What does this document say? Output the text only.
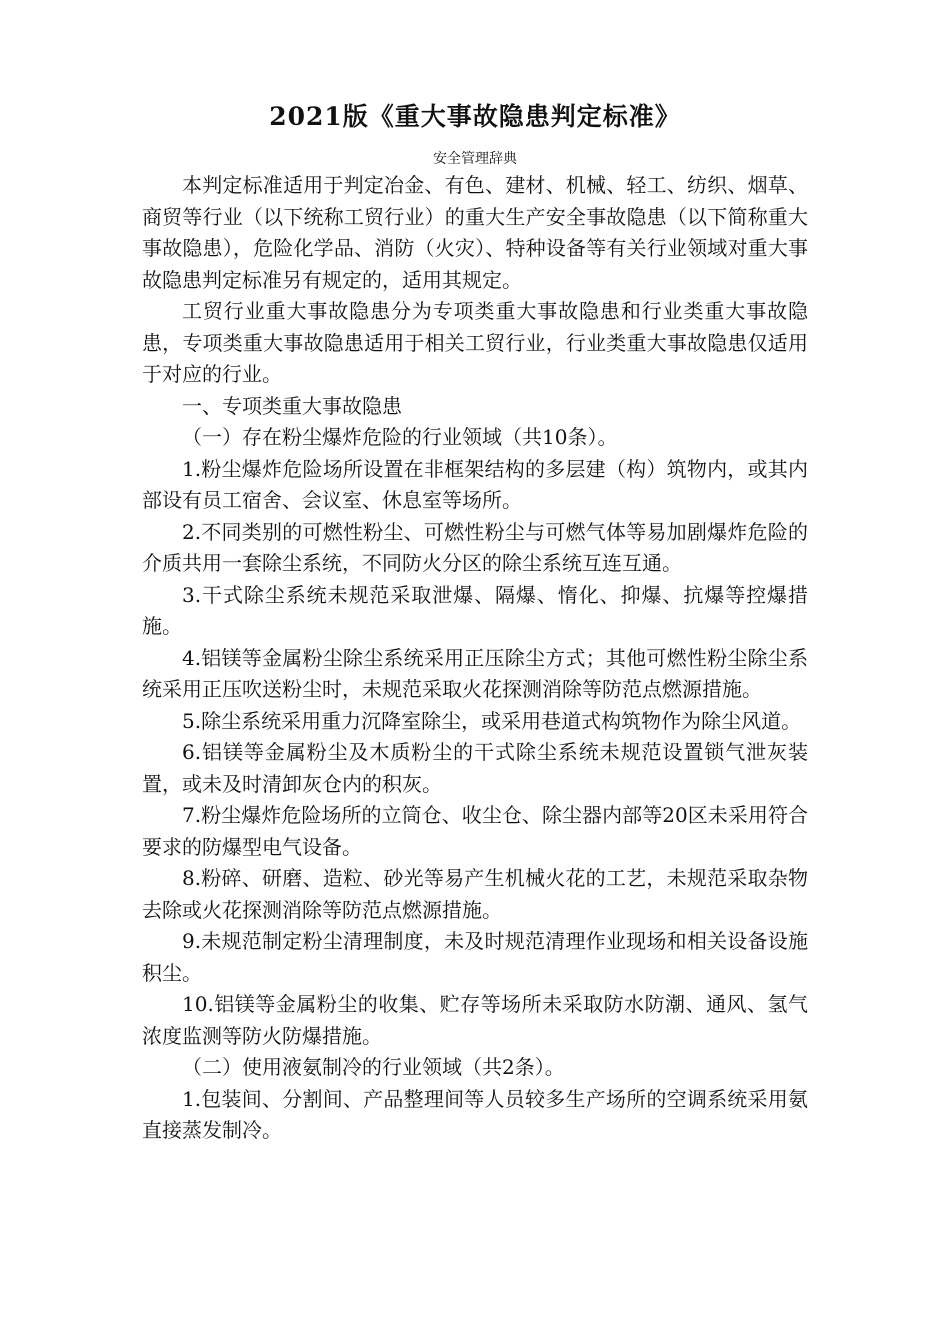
2021版《重大事故隐患判定标准》
安全管理辞典

本判定标准适用于判定冶金、有色、建材、机械、轻工、纺织、烟草、商贸等行业（以下统称工贸行业）的重大生产安全事故隐患（以下简称重大事故隐患），危险化学品、消防（火灾）、特种设备等有关行业领域对重大事故隐患判定标准另有规定的，适用其规定。

工贸行业重大事故隐患分为专项类重大事故隐患和行业类重大事故隐患，专项类重大事故隐患适用于相关工贸行业，行业类重大事故隐患仅适用于对应的行业。

一、专项类重大事故隐患

（一）存在粉尘爆炸危险的行业领域（共10条）。

1.粉尘爆炸危险场所设置在非框架结构的多层建（构）筑物内，或其内部设有员工宿舍、会议室、休息室等场所。

2.不同类别的可燃性粉尘、可燃性粉尘与可燃气体等易加剧爆炸危险的介质共用一套除尘系统，不同防火分区的除尘系统互连互通。

3.干式除尘系统未规范采取泄爆、隔爆、惰化、抑爆、抗爆等控爆措施。

4.铝镁等金属粉尘除尘系统采用正压除尘方式；其他可燃性粉尘除尘系统采用正压吹送粉尘时，未规范采取火花探测消除等防范点燃源措施。

5.除尘系统采用重力沉降室除尘，或采用巷道式构筑物作为除尘风道。

6.铝镁等金属粉尘及木质粉尘的干式除尘系统未规范设置锁气泄灰装置，或未及时清卸灰仓内的积灰。

7.粉尘爆炸危险场所的立筒仓、收尘仓、除尘器内部等20区未采用符合要求的防爆型电气设备。

8.粉碎、研磨、造粒、砂光等易产生机械火花的工艺，未规范采取杂物去除或火花探测消除等防范点燃源措施。

9.未规范制定粉尘清理制度，未及时规范清理作业现场和相关设备设施积尘。

10.铝镁等金属粉尘的收集、贮存等场所未采取防水防潮、通风、氢气浓度监测等防火防爆措施。

（二）使用液氨制冷的行业领域（共2条）。

1.包装间、分割间、产品整理间等人员较多生产场所的空调系统采用氨直接蒸发制冷。
